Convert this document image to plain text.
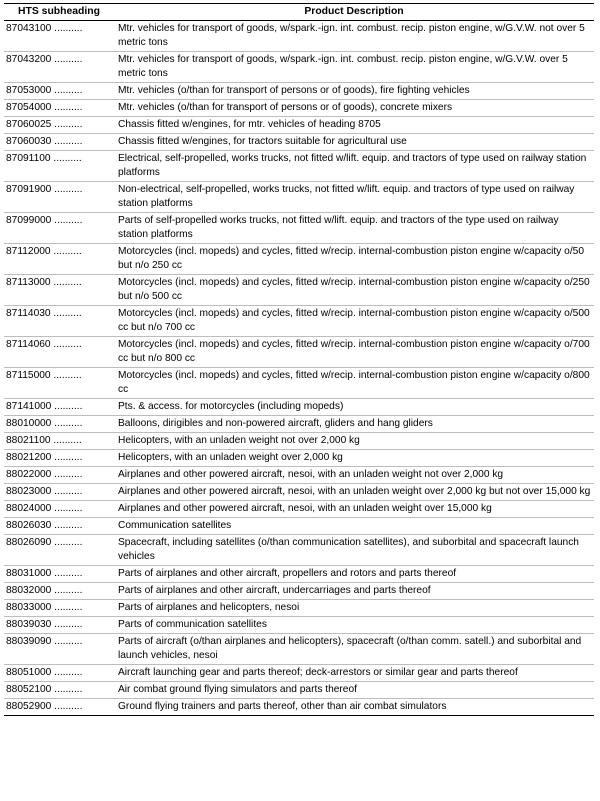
HTS subheading	Product Description
87043100 ..........	Mtr. vehicles for transport of goods, w/spark.-ign. int. combust. recip. piston engine, w/G.V.W. not over 5 metric tons
87043200 ..........	Mtr. vehicles for transport of goods, w/spark.-ign. int. combust. recip. piston engine, w/G.V.W. over 5 metric tons
87053000 ..........	Mtr. vehicles (o/than for transport of persons or of goods), fire fighting vehicles
87054000 ..........	Mtr. vehicles (o/than for transport of persons or of goods), concrete mixers
87060025 ..........	Chassis fitted w/engines, for mtr. vehicles of heading 8705
87060030 ..........	Chassis fitted w/engines, for tractors suitable for agricultural use
87091100 ..........	Electrical, self-propelled, works trucks, not fitted w/lift. equip. and tractors of type used on railway station platforms
87091900 ..........	Non-electrical, self-propelled, works trucks, not fitted w/lift. equip. and tractors of type used on railway station platforms
87099000 ..........	Parts of self-propelled works trucks, not fitted w/lift. equip. and tractors of the type used on railway station platforms
87112000 ..........	Motorcycles (incl. mopeds) and cycles, fitted w/recip. internal-combustion piston engine w/capacity o/50 but n/o 250 cc
87113000 ..........	Motorcycles (incl. mopeds) and cycles, fitted w/recip. internal-combustion piston engine w/capacity o/250 but n/o 500 cc
87114030 ..........	Motorcycles (incl. mopeds) and cycles, fitted w/recip. internal-combustion piston engine w/capacity o/500 cc but n/o 700 cc
87114060 ..........	Motorcycles (incl. mopeds) and cycles, fitted w/recip. internal-combustion piston engine w/capacity o/700 cc but n/o 800 cc
87115000 ..........	Motorcycles (incl. mopeds) and cycles, fitted w/recip. internal-combustion piston engine w/capacity o/800 cc
87141000 ..........	Pts. & access. for motorcycles (including mopeds)
88010000 ..........	Balloons, dirigibles and non-powered aircraft, gliders and hang gliders
88021100 ..........	Helicopters, with an unladen weight not over 2,000 kg
88021200 ..........	Helicopters, with an unladen weight over 2,000 kg
88022000 ..........	Airplanes and other powered aircraft, nesoi, with an unladen weight not over 2,000 kg
88023000 ..........	Airplanes and other powered aircraft, nesoi, with an unladen weight over 2,000 kg but not over 15,000 kg
88024000 ..........	Airplanes and other powered aircraft, nesoi, with an unladen weight over 15,000 kg
88026030 ..........	Communication satellites
88026090 ..........	Spacecraft, including satellites (o/than communication satellites), and suborbital and spacecraft launch vehicles
88031000 ..........	Parts of airplanes and other aircraft, propellers and rotors and parts thereof
88032000 ..........	Parts of airplanes and other aircraft, undercarriages and parts thereof
88033000 ..........	Parts of airplanes and helicopters, nesoi
88039030 ..........	Parts of communication satellites
88039090 ..........	Parts of aircraft (o/than airplanes and helicopters), spacecraft (o/than comm. satell.) and suborbital and launch vehicles, nesoi
88051000 ..........	Aircraft launching gear and parts thereof; deck-arrestors or similar gear and parts thereof
88052100 ..........	Air combat ground flying simulators and parts thereof
88052900 ..........	Ground flying trainers and parts thereof, other than air combat simulators
